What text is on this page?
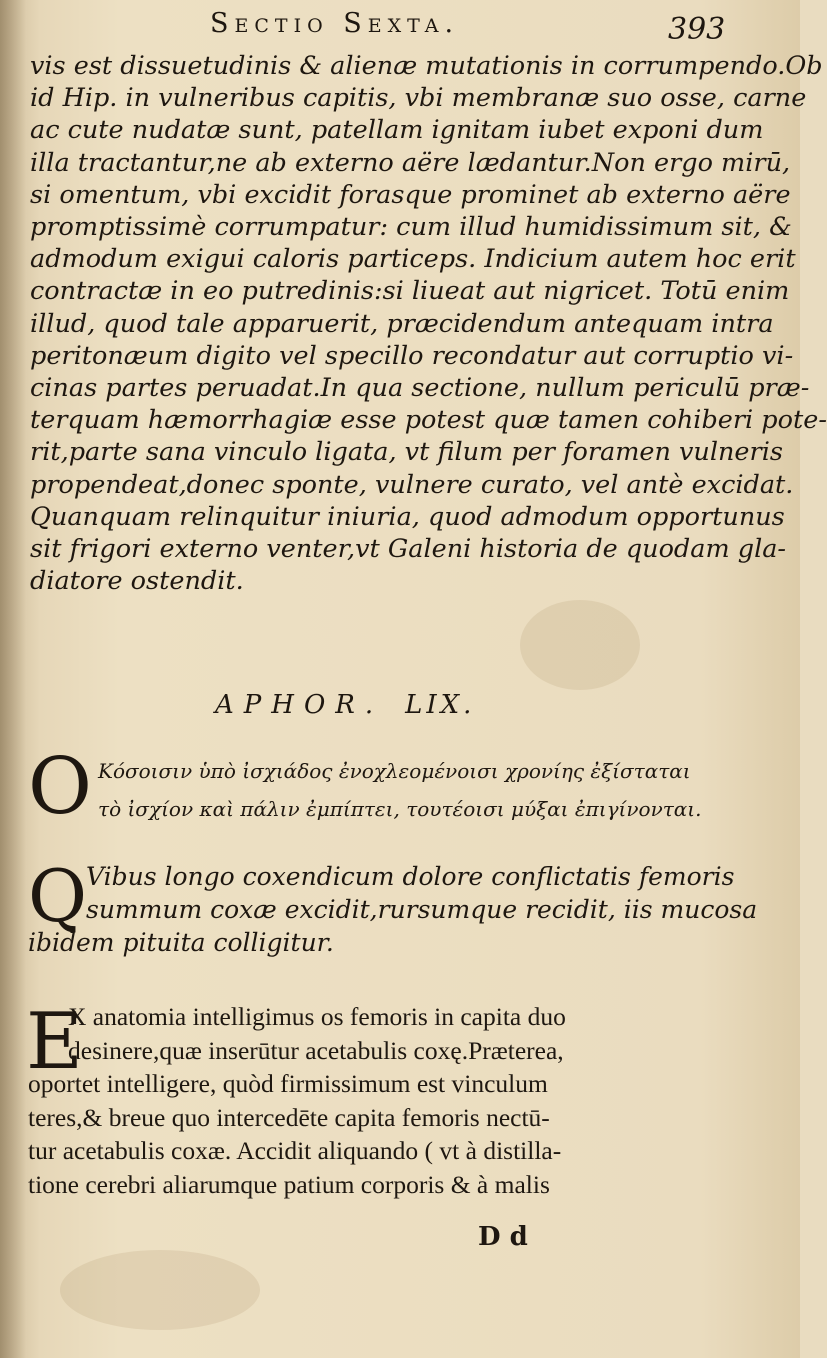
Sectio Sexta.	393
vis est dissuetudinis & alienæ mutationis in corrumpendo.Ob
id Hip. in vulneribus capitis, vbi membranæ suo osse, carne
ac cute nudatæ sunt, patellam ignitam iubet exponi dum
illa tractantur,ne ab externo aëre lædantur.Non ergo mirū,
si omentum, vbi excidit forasque prominet ab externo aëre
promptissimè corrumpatur: cum illud humidissimum sit, &
admodum exigui caloris particeps. Indicium autem hoc erit
contractæ in eo putredinis:si liueat aut nigricet. Totū enim
illud, quod tale apparuerit, præcidendum antequam intra
peritonæum digito vel specillo recondatur aut corruptio vi-
cinas partes peruadat.In qua sectione, nullum periculū præ-
terquam hæmorrhagiæ esse potest quæ tamen cohiberi pote-
rit,parte sana vinculo ligata, vt filum per foramen vulneris
propendeat,donec sponte, vulnere curato, vel antè excidat.
Quanquam relinquitur iniuria, quod admodum opportunus
sit frigori externo venter,vt Galeni historia de quodam gla-
diatore ostendit.
APHOR. LIX.
O Κόσοισιν ὑπὸ ἰσχιάδος ἐνοχλεομένοισι χρονίης ἐξίσταται
τὸ ἰσχίον καὶ πάλιν ἐμπίπτει, τουτέοισι μύξαι ἐπιγίνονται.
Q
Vibus longo coxendicum dolore conflictatis femoris
summum coxæ excidit,rursumque recidit, iis mucosa
ibidem pituita colligitur.
E
X anatomia intelligimus os femoris in capita duo
desinere,quæ inserūtur acetabulis coxę.Præterea,
oportet intelligere, quòd firmissimum est vinculum
teres,& breue quo intercedēte capita femoris nectū-
tur acetabulis coxæ. Accidit aliquando ( vt à distilla-
tione cerebri aliarumque patium corporis & à malis
D d
